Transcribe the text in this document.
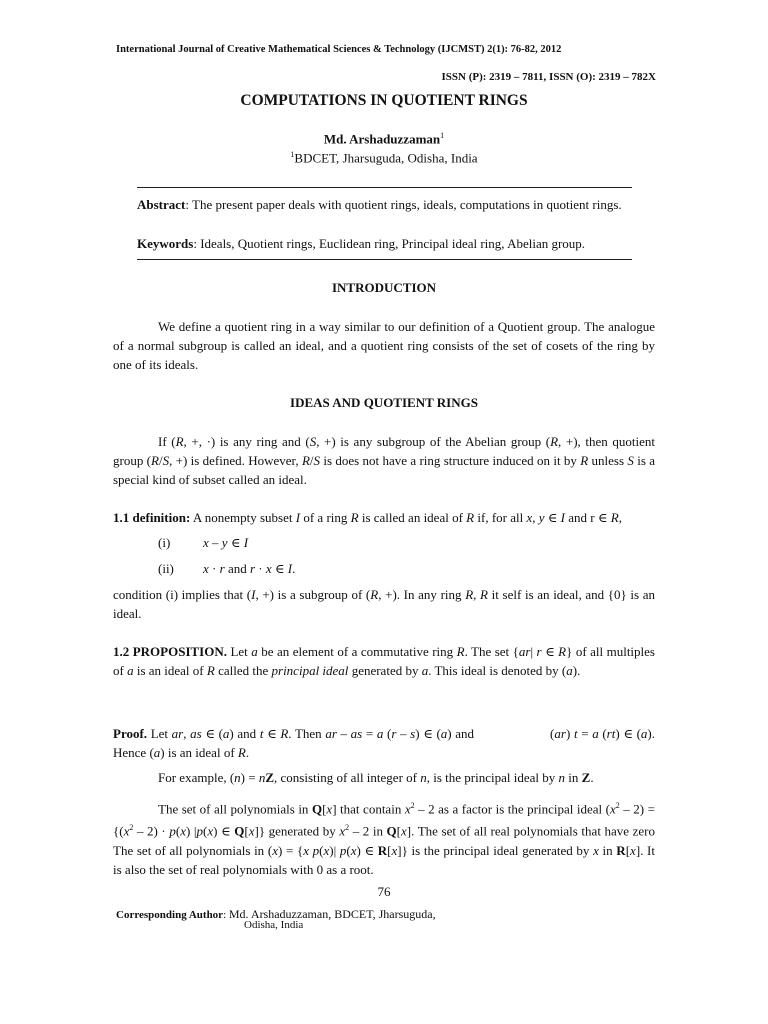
International Journal of Creative Mathematical Sciences & Technology (IJCMST) 2(1): 76-82, 2012
ISSN (P): 2319 – 7811, ISSN (O): 2319 – 782X
COMPUTATIONS IN QUOTIENT RINGS
Md. Arshaduzzaman$^1$
$^1$BDCET, Jharsuguda, Odisha, India
Abstract: The present paper deals with quotient rings, ideals, computations in quotient rings.
Keywords: Ideals, Quotient rings, Euclidean ring, Principal ideal ring, Abelian group.
INTRODUCTION
We define a quotient ring in a way similar to our definition of a Quotient group. The analogue of a normal subgroup is called an ideal, and a quotient ring consists of the set of cosets of the ring by one of its ideals.
IDEAS AND QUOTIENT RINGS
If (R, +, ·) is any ring and (S, +) is any subgroup of the Abelian group (R, +), then quotient group (R/S, +) is defined. However, R/S is does not have a ring structure induced on it by R unless S is a special kind of subset called an ideal.
1.1 definition: A nonempty subset I of a ring R is called an ideal of R if, for all x, y ∈ I and r ∈ R,
(i)	x – y ∈ I
(ii) x · r and r · x ∈ I.
condition (i) implies that (I, +) is a subgroup of (R, +). In any ring R, R it self is an ideal, and {0} is an ideal.
1.2 PROPOSITION. Let a be an element of a commutative ring R. The set {ar| r ∈ R} of all multiples of a is an ideal of R called the principal ideal generated by a. This ideal is denoted by (a).
Proof. Let ar, as ∈ (a) and t ∈ R. Then ar – as = a (r – s) ∈ (a) and	(ar) t = a (rt) ∈ (a). Hence (a) is an ideal of R.
For example, (n) = nZ, consisting of all integer of n, is the principal ideal by n in Z.
The set of all polynomials in Q[x] that contain $x^2 - 2$ as a factor is the principal ideal $(x^2 - 2) = \{(x^2 - 2) \cdot p(x)$ |p(x) ∈ Q[x]} generated by $x^2 - 2$ in Q[x]. The set of all real polynomials that have zero The set of all polynomials in (x) = {x p(x)| p(x) ∈ R[x]} is the principal ideal generated by x in R[x]. It is also the set of real polynomials with 0 as a root.
76
Corresponding Author: Md. Arshaduzzaman, BDCET, Jharsuguda,
Odisha, India
